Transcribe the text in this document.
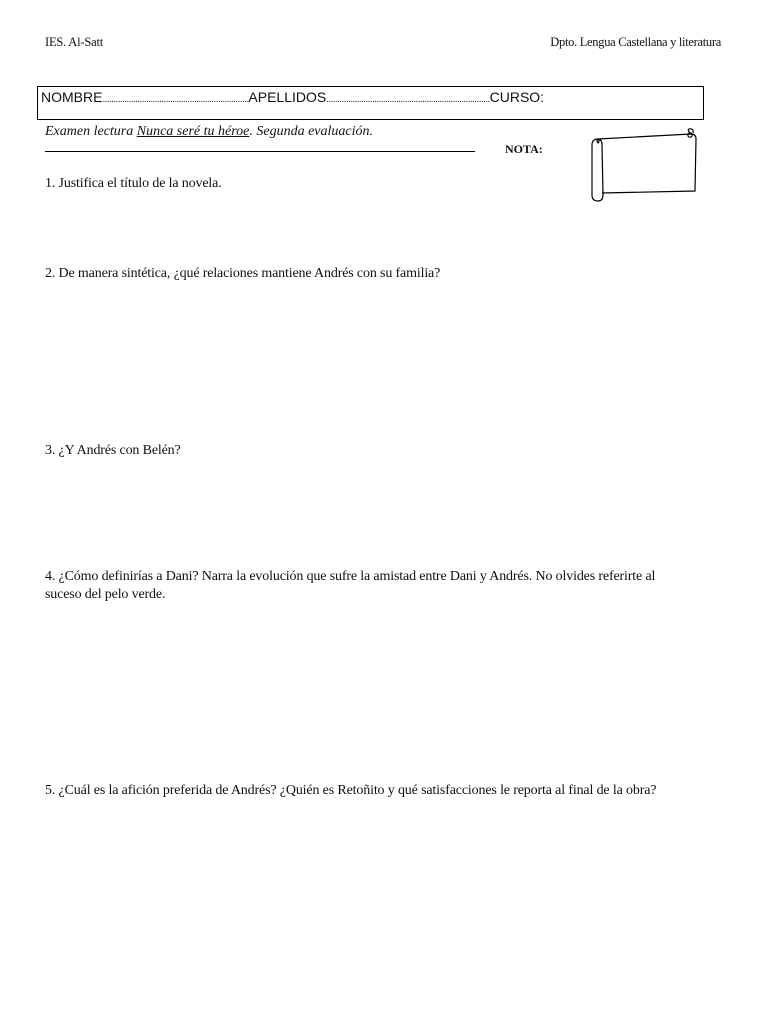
IES. Al-Satt	Dpto. Lengua Castellana y literatura
NOMBRE...................................................................APELLIDOS...........................................................................CURSO:
Examen lectura Nunca seré tu héroe. Segunda evaluación.
NOTA:
1. Justifica el título de la novela.
2. De manera sintética, ¿qué relaciones mantiene Andrés con su familia?
3. ¿Y Andrés con Belén?
4. ¿Cómo definirías a Dani? Narra la evolución que sufre la amistad entre Dani y Andrés. No olvides referirte al suceso del pelo verde.
5. ¿Cuál es la afición preferida de Andrés? ¿Quién es Retoñito y qué satisfacciones le reporta al final de la obra?
